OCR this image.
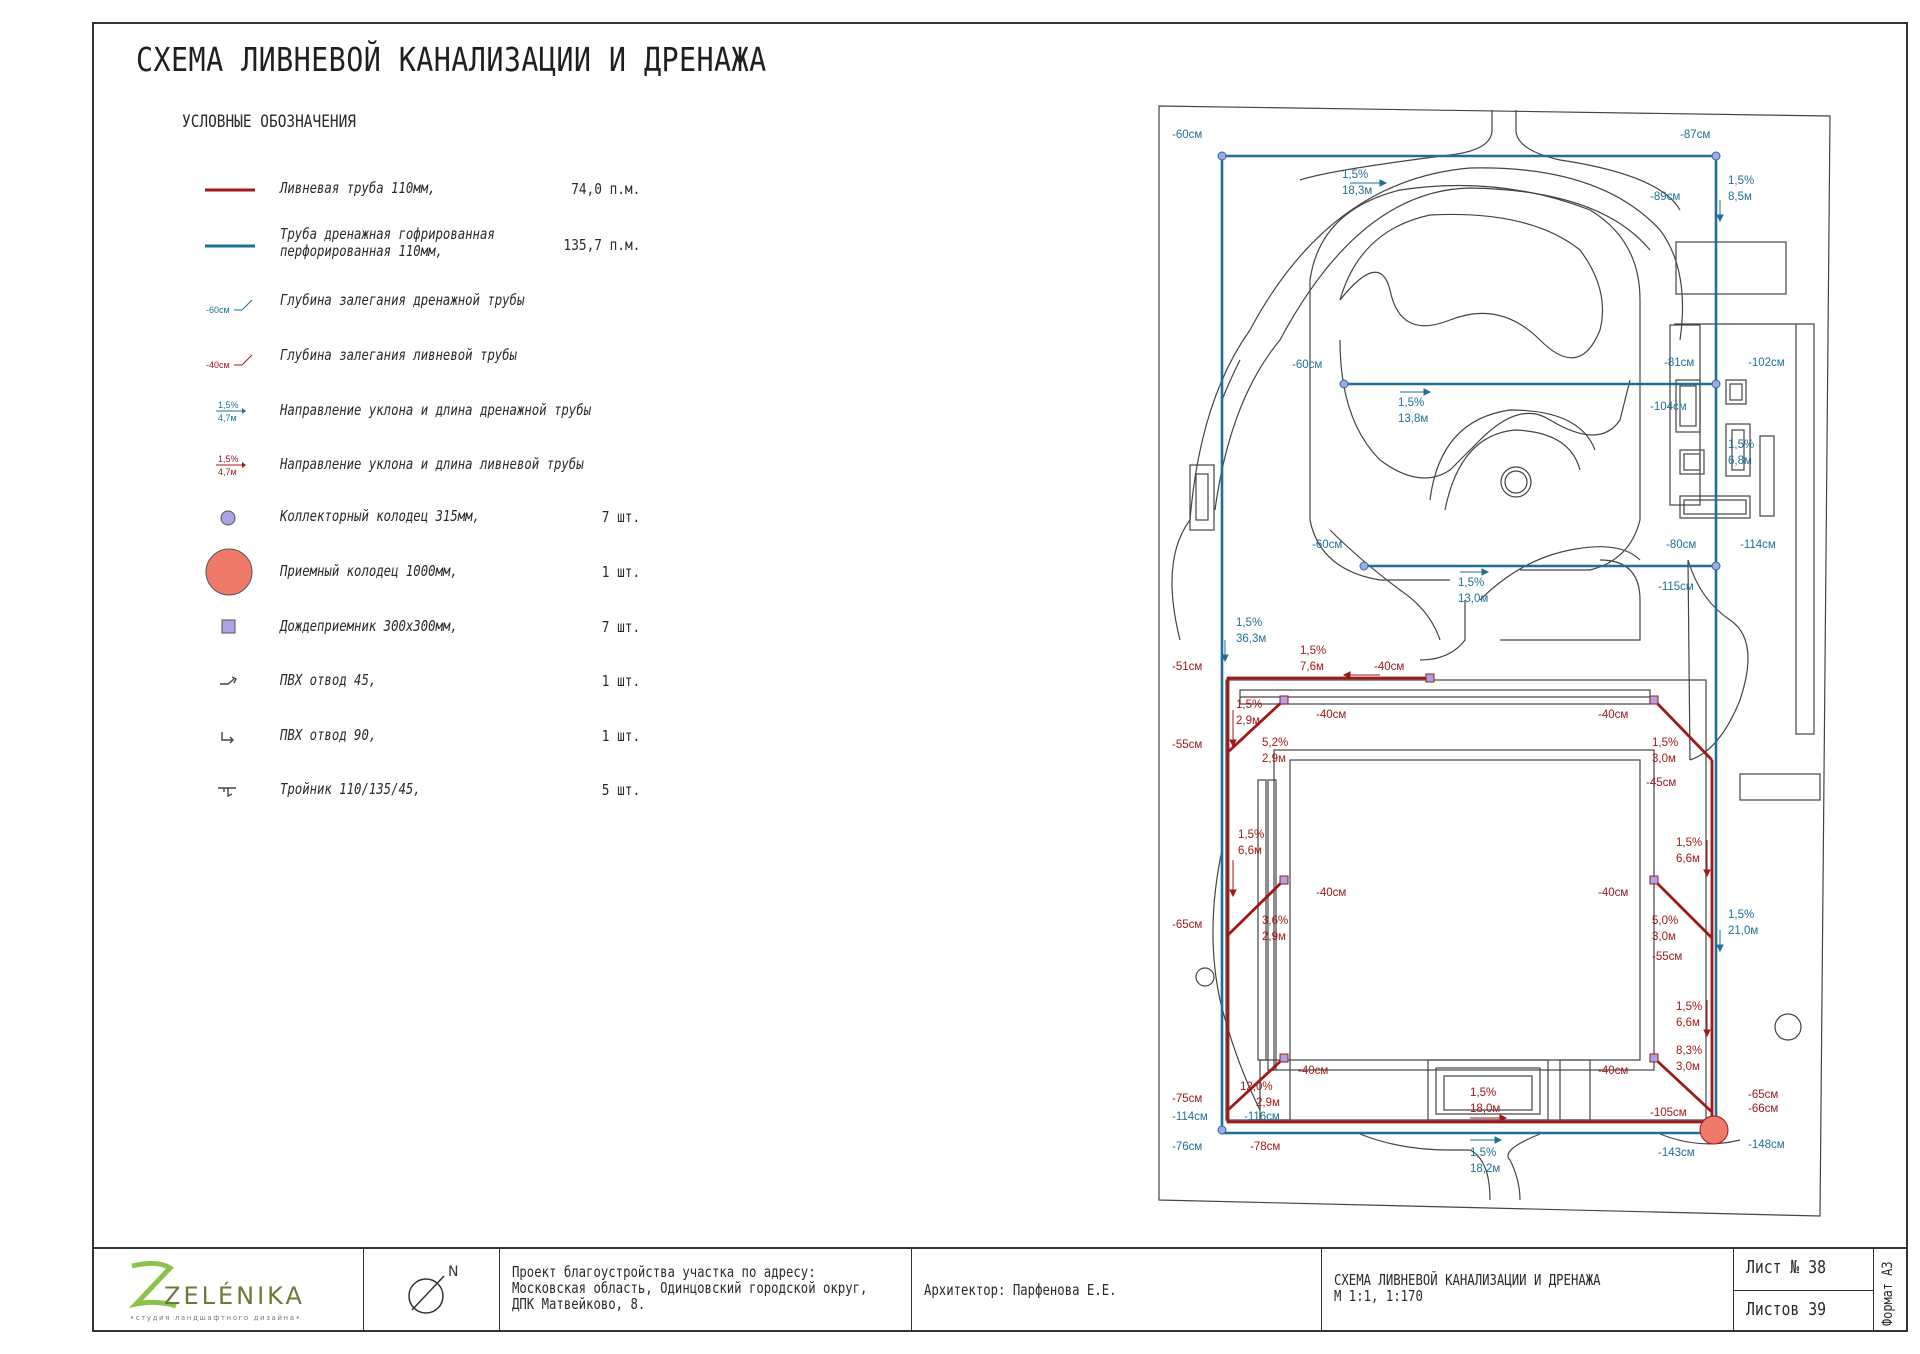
СХЕМА ЛИВНЕВОЙ КАНАЛИЗАЦИИ И ДРЕНАЖА
УСЛОВНЫЕ ОБОЗНАЧЕНИЯ
Ливневая труба 110мм,	74,0 п.м.
Труба дренажная гофрированная
перфорированная 110мм,	135,7 п.м.
-60см
Глубина залегания дренажной трубы
-40см
Глубина залегания ливневой трубы
1,5%
4,7м	Направление уклона и длина дренажной трубы
1,5%
4,7м	Направление уклона и длина ливневой трубы
Коллекторный колодец 315мм,	7 шт.
Приемный колодец 1000мм,	1 шт.
Дождеприемник 300х300мм,	7 шт.
ПВХ отвод 45,	1 шт.
ПВХ отвод 90,	1 шт.
Тройник 110/135/45,	5 шт.
-60см	-87см
-89см
1,5%
18,3м
1,5%
8,5м
-60см
1,5%
13,8м
-81см	-102см
-104см
1,5%
6,8м
-60см	-80см	-114см
1,5%
13,0м
-115см
1,5%
36,3м
1,5%
21,0м
1,5%
18,2м
-143см
-148см
-114см	-116см
-76см
-51см
1,5%
7,6м	-40см
1,5%
2,9м	-40см	-40см
-55см	5,2%
2,9м
1,5%
3,0м
-45см
1,5%
6,6м
1,5%
6,6м
-65см
-40см	-40см
3,6%
2,9м
5,0%
3,0м
-55см
1,5%
6,6м
-40см	-40см
8,3%
3,0м
12,0%
2,9м
-75см	1,5%
18,0м	-105см
-65см
-66см
-78см
ZELÉNIKA
•студия ландшафтного дизайна•
N	Проект благоустройства участка по адресу:
Московская область, Одинцовский городской округ,
ДПК Матвейково, 8.
Архитектор: Парфенова Е.Е.
СХЕМА ЛИВНЕВОЙ КАНАЛИЗАЦИИ И ДРЕНАЖА
М 1:1, 1:170
Лист № 38
Листов 39	Формат А3
